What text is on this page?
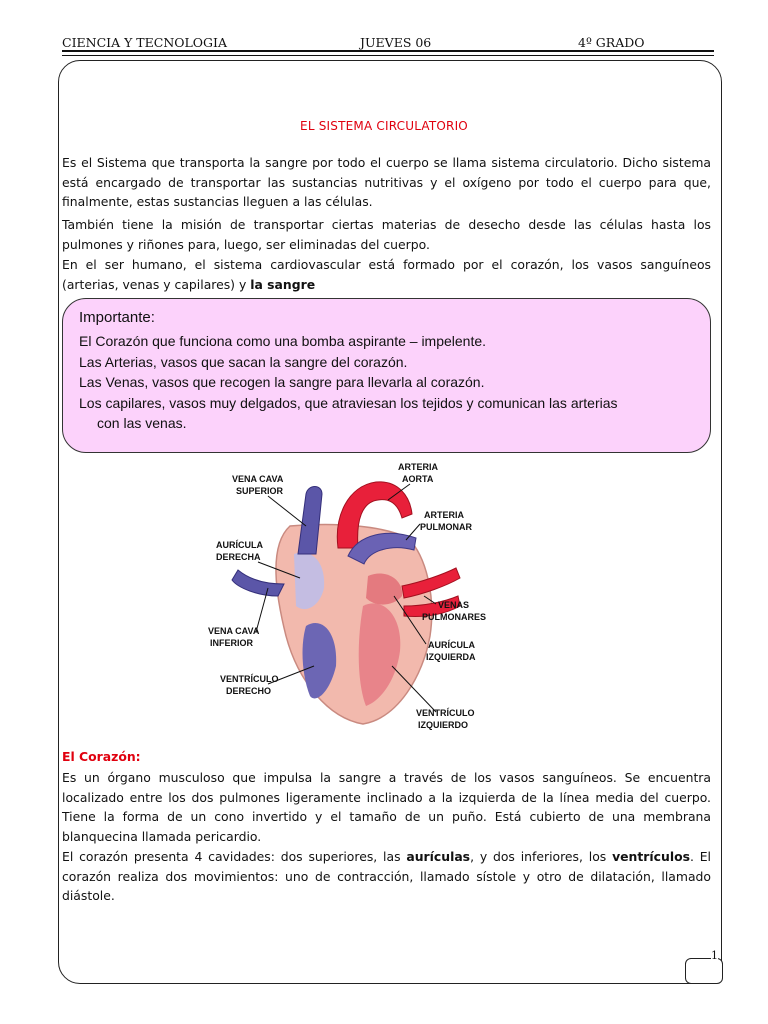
CIENCIA Y TECNOLOGIA	JUEVES 06	4º GRADO
EL SISTEMA CIRCULATORIO
Es el Sistema que transporta la sangre por todo el cuerpo se llama sistema circulatorio. Dicho sistema está encargado de transportar las sustancias nutritivas y el oxígeno por todo el cuerpo para que, finalmente, estas sustancias lleguen a las células.
También tiene la misión de transportar ciertas materias de desecho desde las células hasta los pulmones y riñones para, luego, ser eliminadas del cuerpo.
En el ser humano, el sistema cardiovascular está formado por el corazón, los vasos sanguíneos (arterias, venas y capilares) y la sangre
Importante:
El Corazón que funciona como una bomba aspirante – impelente.
Las Arterias, vasos que sacan la sangre del corazón.
Las Venas, vasos que recogen la sangre para llevarla al corazón.
Los capilares, vasos muy delgados, que atraviesan los tejidos y comunican las arterias
con las venas.
VENA CAVA
SUPERIOR
ARTERIA
AORTA
ARTERIA
PULMONAR
AURÍCULA
DERECHA
VENAS
PULMONARES
VENA CAVA
INFERIOR	AURÍCULA
IZQUIERDA
VENTRÍCULO
DERECHO
VENTRÍCULO
IZQUIERDO
El Corazón:
Es un órgano musculoso que impulsa la sangre a través de los vasos sanguíneos. Se encuentra localizado entre los dos pulmones ligeramente inclinado a la izquierda de la línea media del cuerpo. Tiene la forma de un cono invertido y el tamaño de un puño. Está cubierto de una membrana blanquecina llamada pericardio.
El corazón presenta 4 cavidades: dos superiores, las aurículas, y dos inferiores, los ventrículos. El corazón realiza dos movimientos: uno de contracción, llamado sístole y otro de dilatación, llamado diástole.
1
